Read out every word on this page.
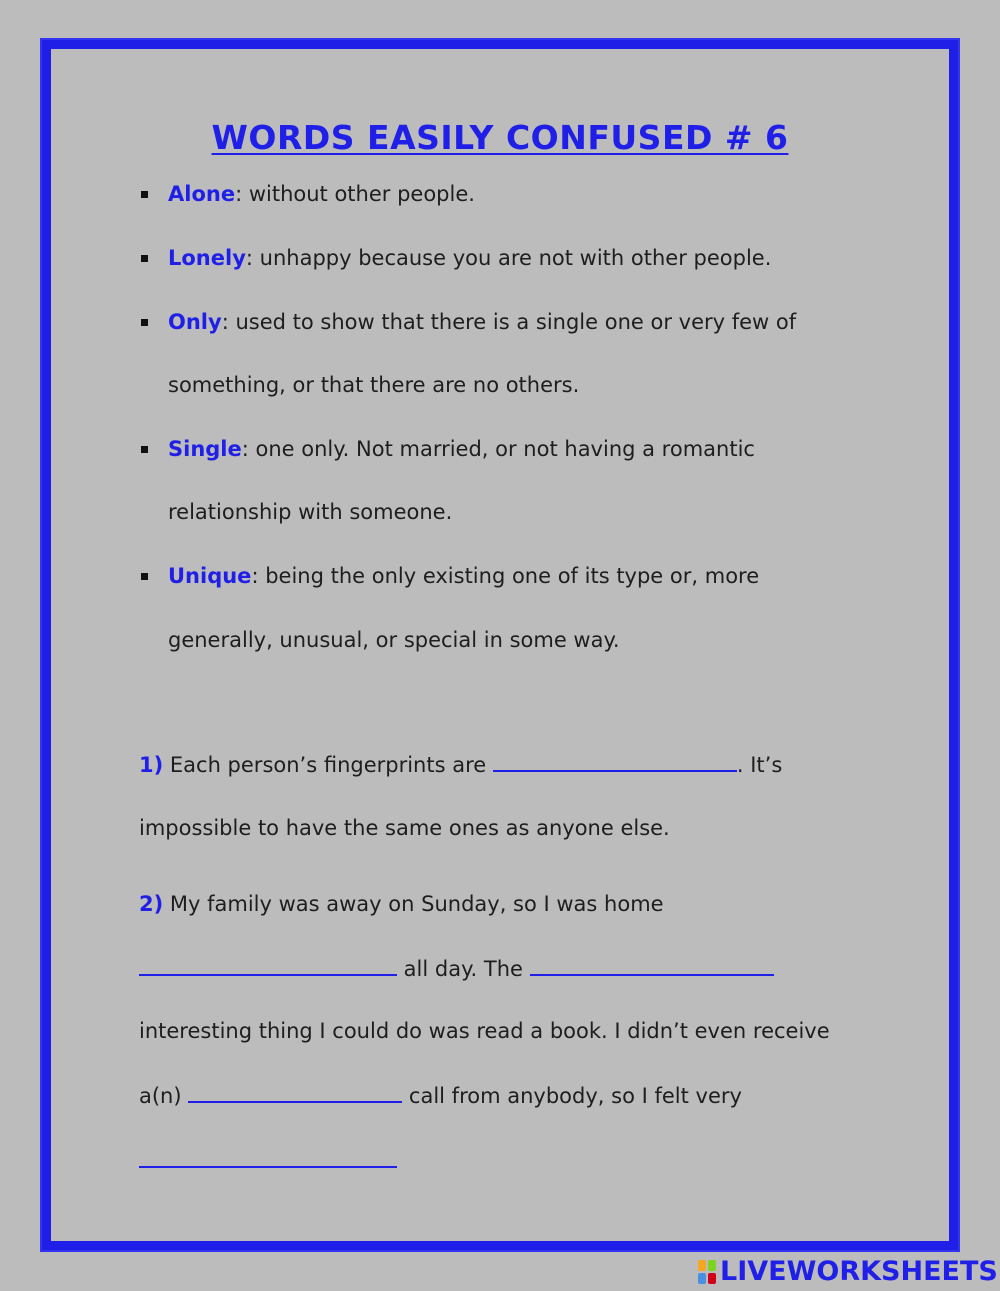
WORDS EASILY CONFUSED # 6
Alone: without other people.
Lonely: unhappy because you are not with other people.
Only: used to show that there is a single one or very few of
something, or that there are no others.
Single: one only. Not married, or not having a romantic
relationship with someone.
Unique: being the only existing one of its type or, more
generally, unusual, or special in some way.
1) Each person’s fingerprints are	. It’s
impossible to have the same ones as anyone else.
2) My family was away on Sunday, so I was home
all day. The
interesting thing I could do was read a book. I didn’t even receive
a(n)	call from anybody, so I felt very
LIVEWORKSHEETS
